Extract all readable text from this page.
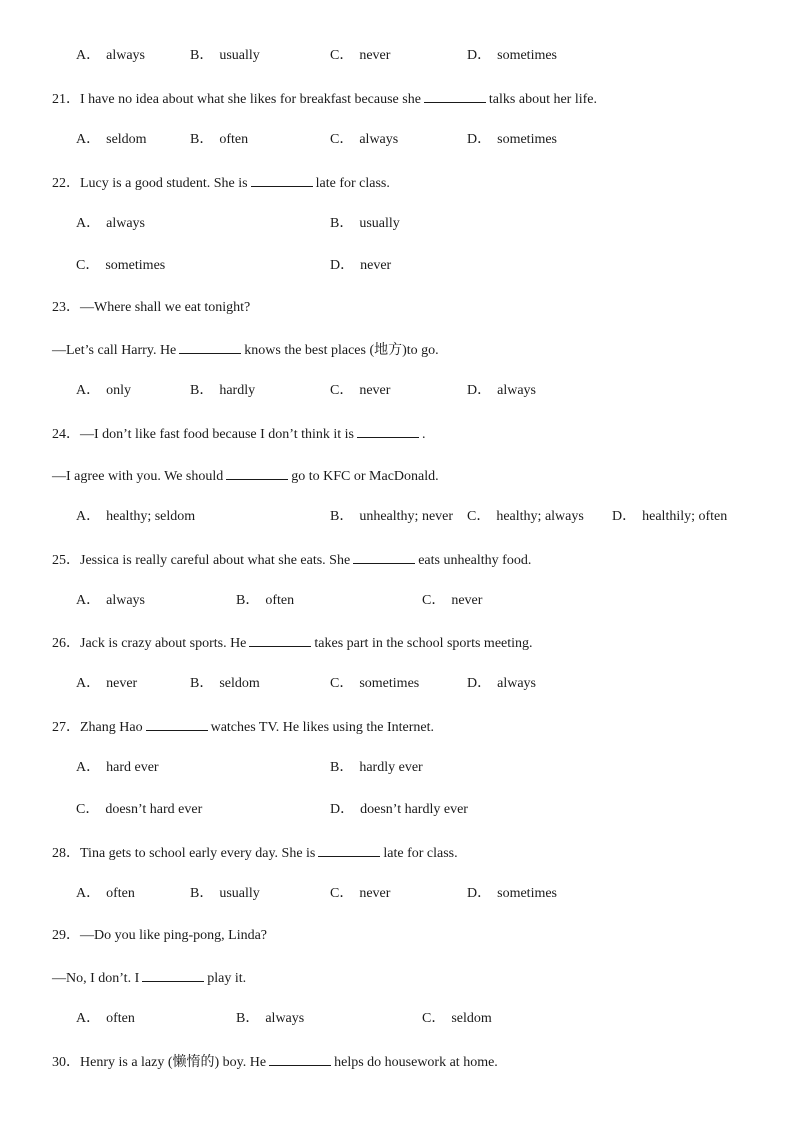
A． always	B． usually	C． never	D． sometimes
21．I have no idea about what she likes for breakfast because she	talks about her life.
A． seldom	B． often	C． always	D． sometimes
22．Lucy is a good student. She is	late for class.
A． always	B． usually
C． sometimes	D． never
23．—Where shall we eat tonight?
—Let’s call Harry. He	knows the best places (地方)to go.
A． only	B． hardly	C． never	D． always
24．—I don’t like fast food because I don’t think it is	.
—I agree with you. We should	go to KFC or MacDonald.
A． healthy; seldom	B． unhealthy; never C． healthy; always D． healthily; often
25．Jessica is really careful about what she eats. She	eats unhealthy food.
A． always	B． often	C． never
26．Jack is crazy about sports. He	takes part in the school sports meeting.
A． never	B． seldom	C． sometimes	D． always
27．Zhang Hao	watches TV. He likes using the Internet.
A． hard ever	B． hardly ever
C． doesn’t hard ever	D． doesn’t hardly ever
28．Tina gets to school early every day. She is	late for class.
A． often	B． usually	C． never	D． sometimes
29．—Do you like ping-pong, Linda?
—No, I don’t. I	play it.
A． often	B． always	C． seldom
30．Henry is a lazy (懒惰的) boy. He	helps do housework at home.
